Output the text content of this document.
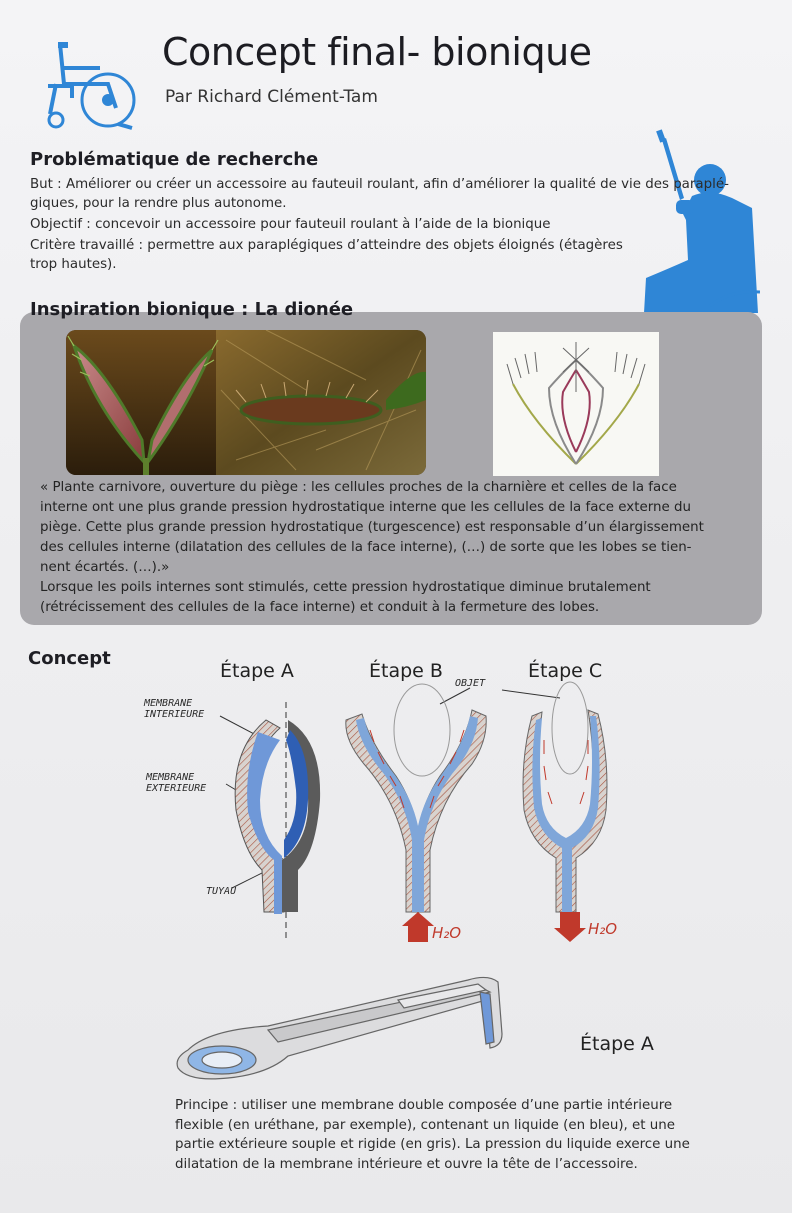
Concept final- bionique
Par Richard Clément-Tam
Problématique de recherche
But : Améliorer ou créer un accessoire au fauteuil roulant, afin d’améliorer la qualité de vie des paraplé-
giques, pour la rendre plus autonome.
Objectif : concevoir un accessoire pour fauteuil roulant à l’aide de la bionique
Critère travaillé : permettre aux paraplégiques d’atteindre des objets éloignés (étagères
trop hautes).
Inspiration bionique : La dionée

« Plante carnivore, ouverture du piège : les cellules proches de la charnière et celles de la face

interne ont une plus grande pression hydrostatique interne que les cellules de la face externe du

piège. Cette plus grande pression hydrostatique (turgescence) est responsable d’un élargissement

des cellules interne (dilatation des cellules de la face interne), (…) de sorte que les lobes se tien-

nent écartés. (…).»

Lorsque les poils internes sont stimulés, cette pression hydrostatique diminue brutalement

(rétrécissement des cellules de la face interne) et conduit à la fermeture des lobes.

Concept
Étape A	Étape B	Étape C
MEMBRANE
INTERIEURE
MEMBRANE
EXTERIEURE
TUYAU
OBJET
H₂O	H₂O
Étape A
Principe : utiliser une membrane double composée d’une partie intérieure
flexible (en uréthane, par exemple), contenant un liquide (en bleu), et une
partie extérieure souple et rigide (en gris). La pression du liquide exerce une
dilatation de la membrane intérieure et ouvre la tête de l’accessoire.
